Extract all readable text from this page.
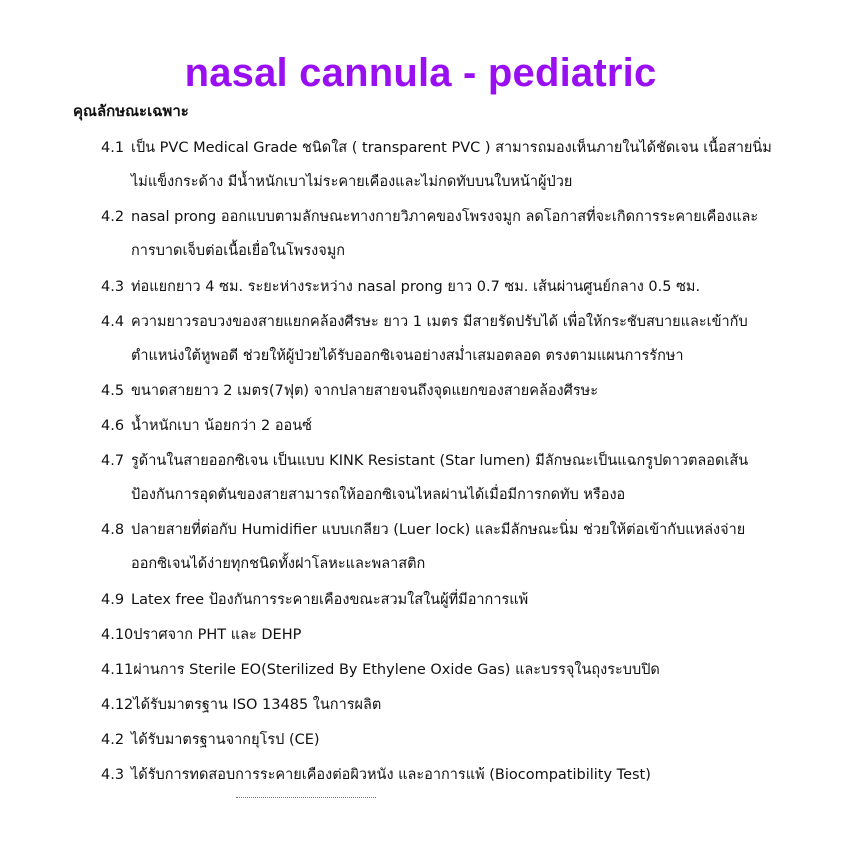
nasal cannula - pediatric
คุณลักษณะเฉพาะ
4.1 เป็น PVC Medical Grade ชนิดใส ( transparent PVC ) สามารถมองเห็นภายในได้ชัดเจน เนื้อสายนิ่ม
ไม่แข็งกระด้าง มีน้ำหนักเบาไม่ระคายเคืองและไม่กดทับบนใบหน้าผู้ป่วย
4.2 nasal prong ออกแบบตามลักษณะทางกายวิภาคของโพรงจมูก ลดโอกาสที่จะเกิดการระคายเคืองและ
การบาดเจ็บต่อเนื้อเยื่อในโพรงจมูก
4.3 ท่อแยกยาว 4 ซม. ระยะห่างระหว่าง nasal prong ยาว 0.7 ซม. เส้นผ่านศูนย์กลาง 0.5 ซม.
4.4 ความยาวรอบวงของสายแยกคล้องศีรษะ ยาว 1 เมตร มีสายรัดปรับได้ เพื่อให้กระชับสบายและเข้ากับ
ตำแหน่งใต้หูพอดี ช่วยให้ผู้ป่วยได้รับออกซิเจนอย่างสม่ำเสมอตลอด ตรงตามแผนการรักษา
4.5 ขนาดสายยาว 2 เมตร(7ฟุต) จากปลายสายจนถึงจุดแยกของสายคล้องศีรษะ
4.6 น้ำหนักเบา น้อยกว่า 2 ออนซ์
4.7 รูด้านในสายออกซิเจน เป็นแบบ KINK Resistant (Star lumen) มีลักษณะเป็นแฉกรูปดาวตลอดเส้น
ป้องกันการอุดตันของสายสามารถให้ออกซิเจนไหลผ่านได้เมื่อมีการกดทับ หรืองอ
4.8 ปลายสายที่ต่อกับ Humidifier แบบเกลียว (Luer lock) และมีลักษณะนิ่ม ช่วยให้ต่อเข้ากับแหล่งจ่าย
ออกซิเจนได้ง่ายทุกชนิดทั้งฝาโลหะและพลาสติก
4.9 Latex free ป้องกันการระคายเคืองขณะสวมใสในผู้ที่มีอาการแพ้
4.10ปราศจาก PHT และ DEHP
4.11ผ่านการ Sterile EO(Sterilized By Ethylene Oxide Gas) และบรรจุในถุงระบบปิด
4.12ได้รับมาตรฐาน ISO 13485 ในการผลิต
4.2 ได้รับมาตรฐานจากยุโรป (CE)
4.3 ได้รับการทดสอบการระคายเคืองต่อผิวหนัง และอาการแพ้ (Biocompatibility Test)
